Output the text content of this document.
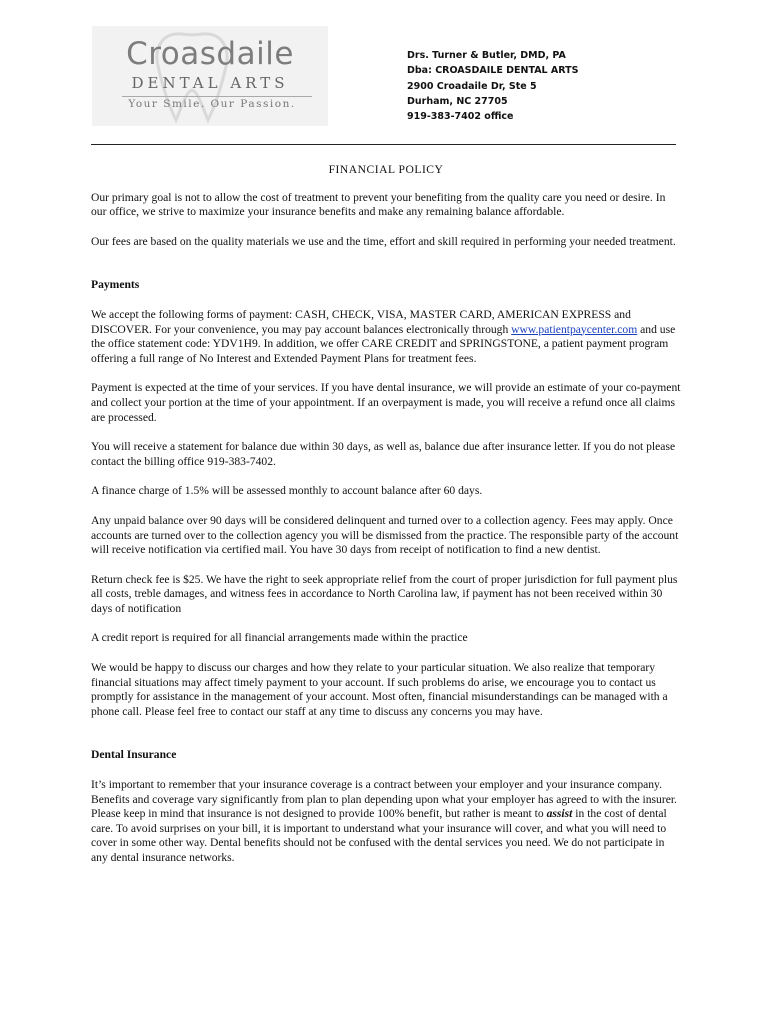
Croasdaile
DENTAL ARTS
Your Smile. Our Passion.
Drs. Turner & Butler, DMD, PA
Dba: CROASDAILE DENTAL ARTS
2900 Croadaile Dr, Ste 5
Durham, NC 27705
919-383-7402 office
FINANCIAL POLICY

Our primary goal is not to allow the cost of treatment to prevent your benefiting from the quality care you need or desire. In our office, we strive to maximize your insurance benefits and make any remaining balance affordable.

Our fees are based on the quality materials we use and the time, effort and skill required in performing your needed treatment.

Payments

We accept the following forms of payment: CASH, CHECK, VISA, MASTER CARD, AMERICAN EXPRESS and DISCOVER. For your convenience, you may pay account balances electronically through www.patientpaycenter.com and use the office statement code: YDV1H9. In addition, we offer CARE CREDIT and SPRINGSTONE, a patient payment program offering a full range of No Interest and Extended Payment Plans for treatment fees.

Payment is expected at the time of your services. If you have dental insurance, we will provide an estimate of your co-payment and collect your portion at the time of your appointment. If an overpayment is made, you will receive a refund once all claims are processed.

You will receive a statement for balance due within 30 days, as well as, balance due after insurance letter. If you do not please contact the billing office 919-383-7402.

A finance charge of 1.5% will be assessed monthly to account balance after 60 days.

Any unpaid balance over 90 days will be considered delinquent and turned over to a collection agency. Fees may apply. Once accounts are turned over to the collection agency you will be dismissed from the practice. The responsible party of the account will receive notification via certified mail. You have 30 days from receipt of notification to find a new dentist.

Return check fee is $25. We have the right to seek appropriate relief from the court of proper jurisdiction for full payment plus all costs, treble damages, and witness fees in accordance to North Carolina law, if payment has not been received within 30 days of notification

A credit report is required for all financial arrangements made within the practice

We would be happy to discuss our charges and how they relate to your particular situation. We also realize that temporary financial situations may affect timely payment to your account. If such problems do arise, we encourage you to contact us promptly for assistance in the management of your account. Most often, financial misunderstandings can be managed with a phone call. Please feel free to contact our staff at any time to discuss any concerns you may have.

Dental Insurance

It’s important to remember that your insurance coverage is a contract between your employer and your insurance company. Benefits and coverage vary significantly from plan to plan depending upon what your employer has agreed to with the insurer. Please keep in mind that insurance is not designed to provide 100% benefit, but rather is meant to assist in the cost of dental care. To avoid surprises on your bill, it is important to understand what your insurance will cover, and what you will need to cover in some other way. Dental benefits should not be confused with the dental services you need. We do not participate in any dental insurance networks.
